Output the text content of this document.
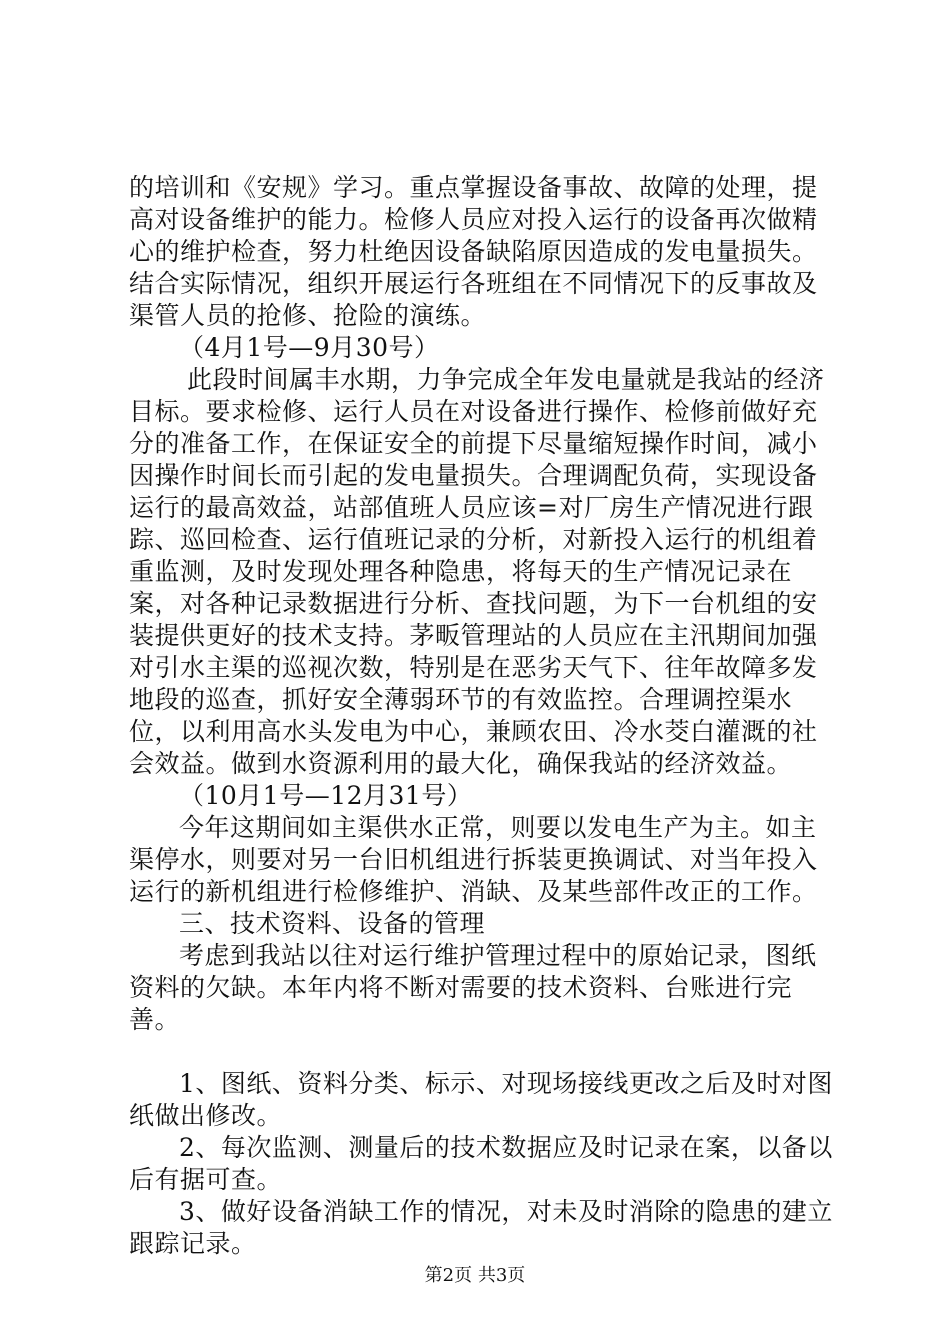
的培训和《安规》学习。重点掌握设备事故、故障的处理，提高对设备维护的能力。检修人员应对投入运行的设备再次做精心的维护检查，努力杜绝因设备缺陷原因造成的发电量损失。结合实际情况，组织开展运行各班组在不同情况下的反事故及渠管人员的抢修、抢险的演练。

（4月1号—9月30号）

此段时间属丰水期，力争完成全年发电量就是我站的经济目标。要求检修、运行人员在对设备进行操作、检修前做好充分的准备工作，在保证安全的前提下尽量缩短操作时间，减小因操作时间长而引起的发电量损失。合理调配负荷，实现设备运行的最高效益，站部值班人员应该=对厂房生产情况进行跟踪、巡回检查、运行值班记录的分析，对新投入运行的机组着重监测，及时发现处理各种隐患，将每天的生产情况记录在案，对各种记录数据进行分析、查找问题，为下一台机组的安装提供更好的技术支持。茅畈管理站的人员应在主汛期间加强对引水主渠的巡视次数，特别是在恶劣天气下、往年故障多发地段的巡查，抓好安全薄弱环节的有效监控。合理调控渠水位，以利用高水头发电为中心，兼顾农田、冷水茭白灌溉的社会效益。做到水资源利用的最大化，确保我站的经济效益。

（10月1号—12月31号）

今年这期间如主渠供水正常，则要以发电生产为主。如主渠停水，则要对另一台旧机组进行拆装更换调试、对当年投入运行的新机组进行检修维护、消缺、及某些部件改正的工作。

三、技术资料、设备的管理

考虑到我站以往对运行维护管理过程中的原始记录，图纸资料的欠缺。本年内将不断对需要的技术资料、台账进行完善。

1、图纸、资料分类、标示、对现场接线更改之后及时对图纸做出修改。

2、每次监测、测量后的技术数据应及时记录在案，以备以后有据可查。

3、做好设备消缺工作的情况，对未及时消除的隐患的建立跟踪记录。

第2页 共3页
